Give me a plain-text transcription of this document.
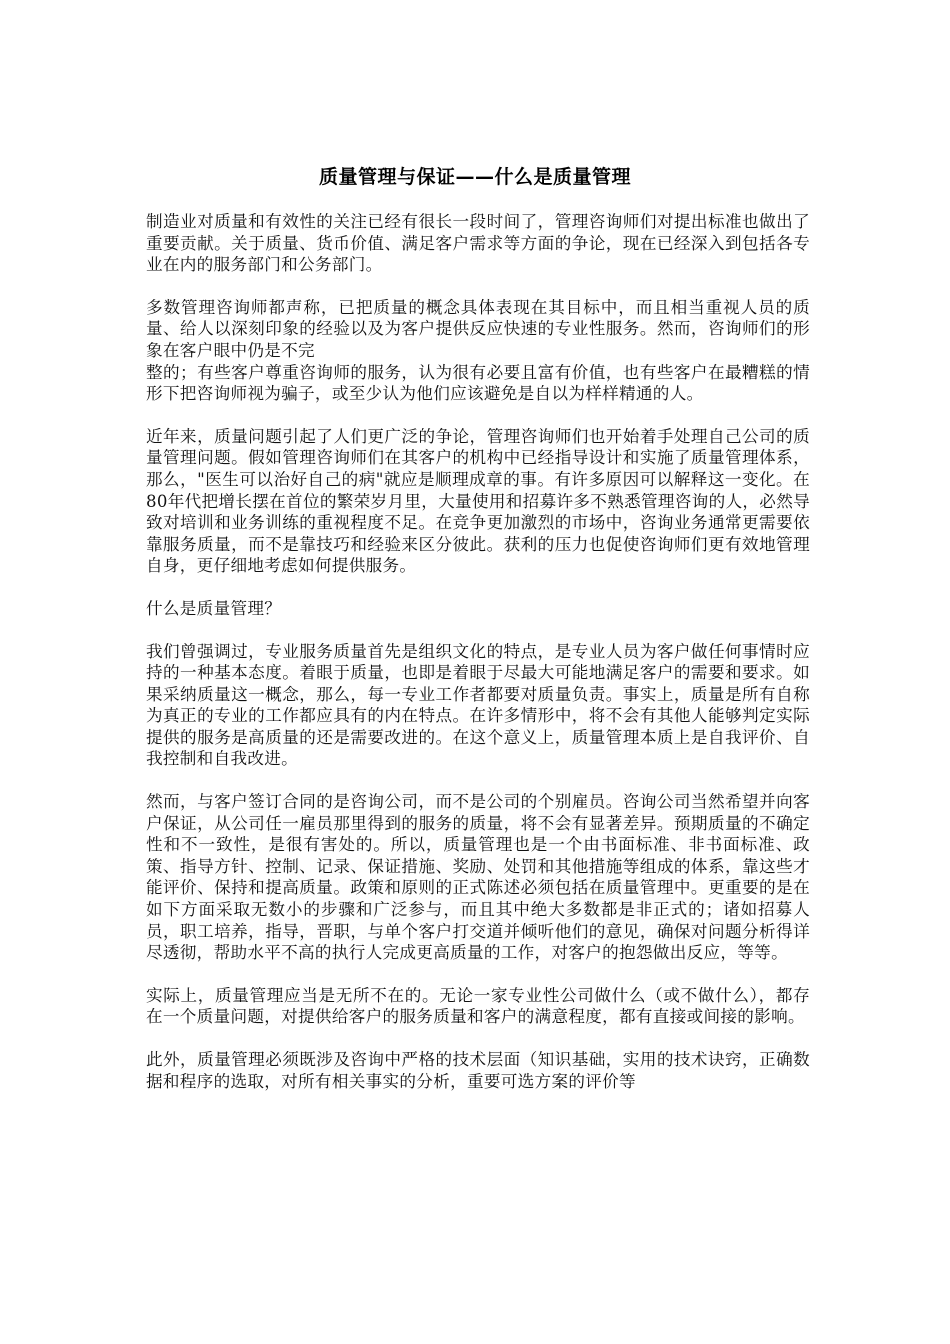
质量管理与保证——什么是质量管理

制造业对质量和有效性的关注已经有很长一段时间了，管理咨询师们对提出标准也做出了重要贡献。关于质量、货币价值、满足客户需求等方面的争论，现在已经深入到包括各专业在内的服务部门和公务部门。

多数管理咨询师都声称，已把质量的概念具体表现在其目标中，而且相当重视人员的质量、给人以深刻印象的经验以及为客户提供反应快速的专业性服务。然而，咨询师们的形象在客户眼中仍是不完
整的；有些客户尊重咨询师的服务，认为很有必要且富有价值，也有些客户在最糟糕的情形下把咨询师视为骗子，或至少认为他们应该避免是自以为样样精通的人。

近年来，质量问题引起了人们更广泛的争论，管理咨询师们也开始着手处理自己公司的质量管理问题。假如管理咨询师们在其客户的机构中已经指导设计和实施了质量管理体系，那么，"医生可以治好自己的病"就应是顺理成章的事。有许多原因可以解释这一变化。在80年代把增长摆在首位的繁荣岁月里，大量使用和招募许多不熟悉管理咨询的人，必然导致对培训和业务训练的重视程度不足。在竞争更加激烈的市场中，咨询业务通常更需要依靠服务质量，而不是靠技巧和经验来区分彼此。获利的压力也促使咨询师们更有效地管理自身，更仔细地考虑如何提供服务。

什么是质量管理？

我们曾强调过，专业服务质量首先是组织文化的特点，是专业人员为客户做任何事情时应持的一种基本态度。着眼于质量，也即是着眼于尽最大可能地满足客户的需要和要求。如果采纳质量这一概念，那么，每一专业工作者都要对质量负责。事实上，质量是所有自称为真正的专业的工作都应具有的内在特点。在许多情形中，将不会有其他人能够判定实际提供的服务是高质量的还是需要改进的。在这个意义上，质量管理本质上是自我评价、自我控制和自我改进。

然而，与客户签订合同的是咨询公司，而不是公司的个别雇员。咨询公司当然希望并向客户保证，从公司任一雇员那里得到的服务的质量，将不会有显著差异。预期质量的不确定性和不一致性，是很有害处的。所以，质量管理也是一个由书面标准、非书面标准、政策、指导方针、控制、记录、保证措施、奖励、处罚和其他措施等组成的体系，靠这些才能评价、保持和提高质量。政策和原则的正式陈述必须包括在质量管理中。更重要的是在如下方面采取无数小的步骤和广泛参与，而且其中绝大多数都是非正式的；诸如招募人员，职工培养，指导，晋职，与单个客户打交道并倾听他们的意见，确保对问题分析得详尽透彻，帮助水平不高的执行人完成更高质量的工作，对客户的抱怨做出反应，等等。

实际上，质量管理应当是无所不在的。无论一家专业性公司做什么（或不做什么），都存在一个质量问题，对提供给客户的服务质量和客户的满意程度，都有直接或间接的影响。

此外，质量管理必须既涉及咨询中严格的技术层面（知识基础，实用的技术诀窍，正确数据和程序的选取，对所有相关事实的分析，重要可选方案的评价等
